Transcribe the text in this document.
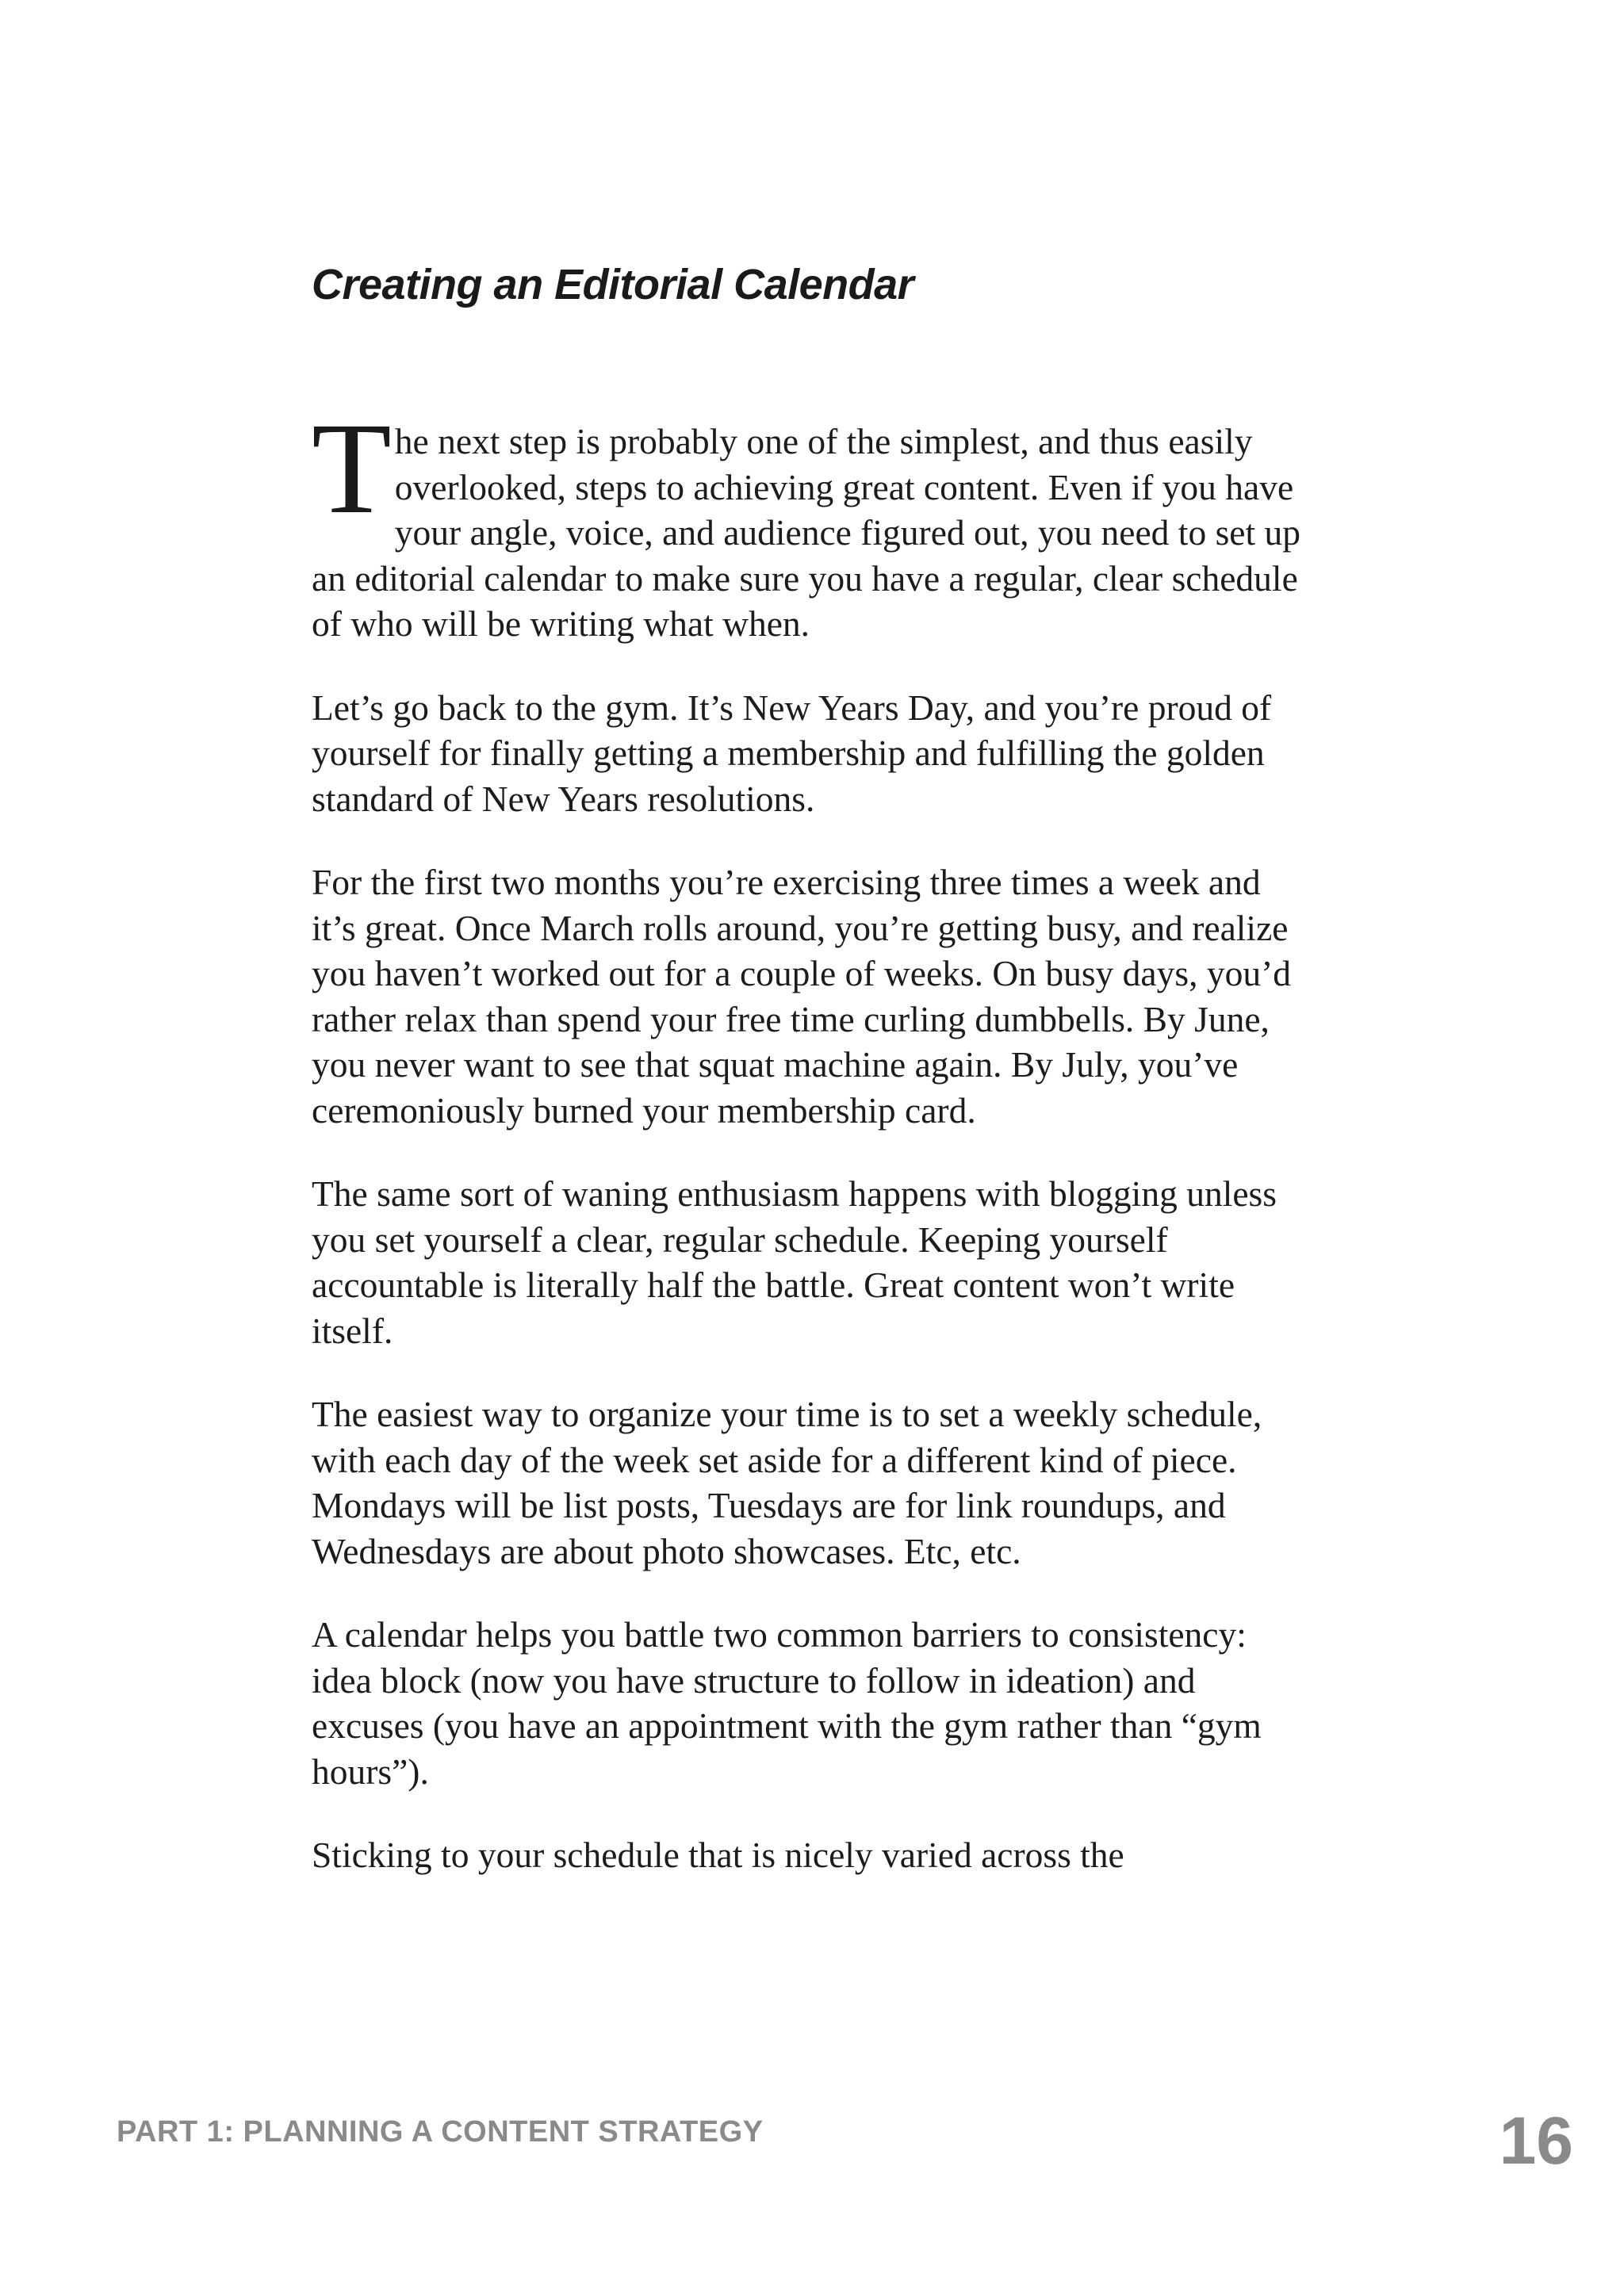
Creating an Editorial Calendar

The next step is probably one of the simplest, and thus easily overlooked, steps to achieving great content. Even if you have your angle, voice, and audience figured out, you need to set up an editorial calendar to make sure you have a regular, clear schedule of who will be writing what when.

Let’s go back to the gym. It’s New Years Day, and you’re proud of yourself for finally getting a membership and fulfilling the golden standard of New Years resolutions.

For the first two months you’re exercising three times a week and it’s great. Once March rolls around, you’re getting busy, and realize you haven’t worked out for a couple of weeks. On busy days, you’d rather relax than spend your free time curling dumbbells. By June, you never want to see that squat machine again. By July, you’ve ceremoniously burned your membership card.

The same sort of waning enthusiasm happens with blogging unless you set yourself a clear, regular schedule. Keeping yourself accountable is literally half the battle. Great content won’t write itself.

The easiest way to organize your time is to set a weekly schedule, with each day of the week set aside for a different kind of piece. Mondays will be list posts, Tuesdays are for link roundups, and Wednesdays are about photo showcases. Etc, etc.

A calendar helps you battle two common barriers to consistency: idea block (now you have structure to follow in ideation) and excuses (you have an appointment with the gym rather than “gym hours”).

Sticking to your schedule that is nicely varied across the

PART 1: PLANNING A CONTENT STRATEGY	16
